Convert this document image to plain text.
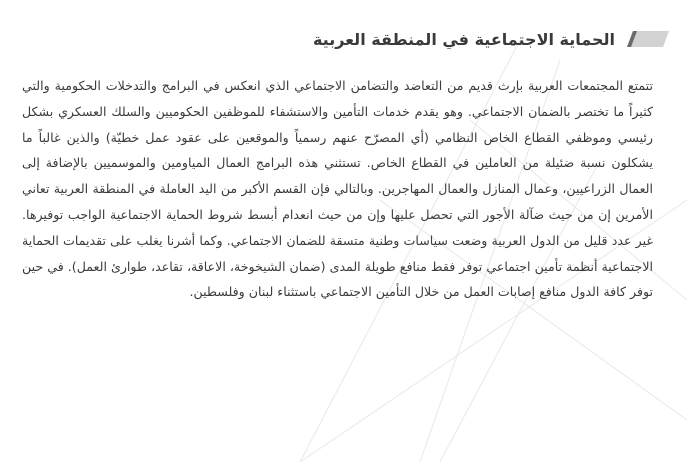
الحماية الاجتماعية في المنطقة العربية

تتمتع المجتمعات العربية بإرث قديم من التعاضد والتضامن الاجتماعي الذي انعكس في البرامج والتدخلات الحكومية والتي كثيراً ما تختصر بالضمان الاجتماعي. وهو يقدم خدمات التأمين والاستشفاء للموظفين الحكوميين والسلك العسكري بشكل رئيسي وموظفي القطاع الخاص النظامي (أي المصرّح عنهم رسمياً والموقعين على عقود عمل خطيّة) والذين غالباً ما يشكلون نسبة ضئيلة من العاملين في القطاع الخاص. تستثني هذه البرامج العمال المياومين والموسميين بالإضافة إلى العمال الزراعيين، وعمال المنازل والعمال المهاجرين. وبالتالي فإن القسم الأكبر من اليد العاملة في المنطقة العربية تعاني الأمرين إن من حيث ضآلة الأجور التي تحصل عليها وإن من حيث انعدام أبسط شروط الحماية الاجتماعية الواجب توفيرها. غير عدد قليل من الدول العربية وضعت سياسات وطنية متسقة للضمان الاجتماعي. وكما أشرنا يغلب على تقديمات الحماية الاجتماعية أنظمة تأمين اجتماعي توفر فقط منافع طويلة المدى (ضمان الشيخوخة، الاعاقة، تقاعد، طوارئ العمل). في حين توفر كافة الدول منافع إصابات العمل من خلال التأمين الاجتماعي باستثناء لبنان وفلسطين.
